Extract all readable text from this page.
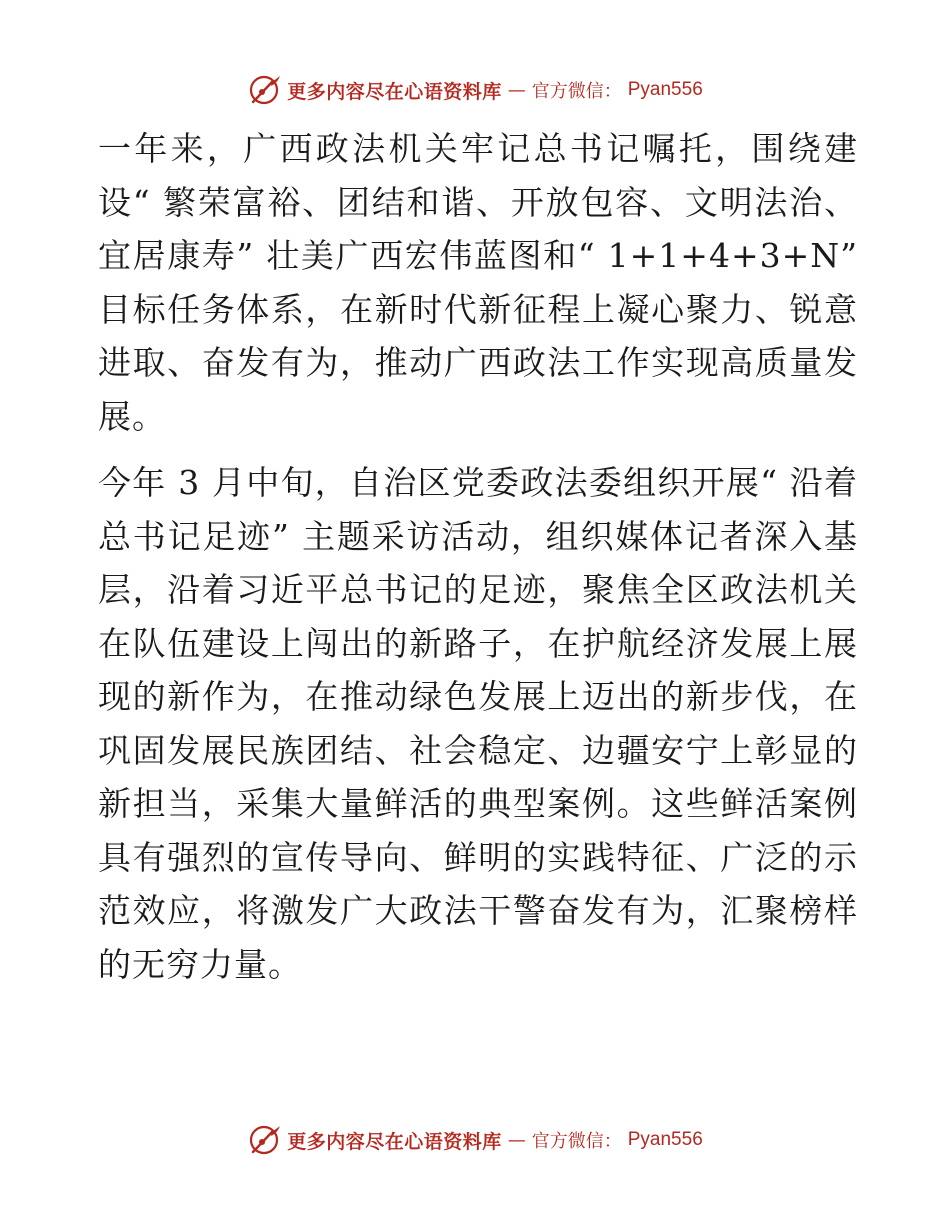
更多内容尽在心语资料库 — 官方微信： Pyan556

一年来，广西政法机关牢记总书记嘱托，围绕建设“ 繁荣富裕、团结和谐、开放包容、文明法治、宜居康寿” 壮美广西宏伟蓝图和“ 1+1+4+3+N” 目标任务体系，在新时代新征程上凝心聚力、锐意进取、奋发有为，推动广西政法工作实现高质量发展。

今年 3 月中旬，自治区党委政法委组织开展“ 沿着总书记足迹” 主题采访活动，组织媒体记者深入基层，沿着习近平总书记的足迹，聚焦全区政法机关在队伍建设上闯出的新路子，在护航经济发展上展现的新作为，在推动绿色发展上迈出的新步伐，在巩固发展民族团结、社会稳定、边疆安宁上彰显的新担当，采集大量鲜活的典型案例。这些鲜活案例具有强烈的宣传导向、鲜明的实践特征、广泛的示范效应，将激发广大政法干警奋发有为，汇聚榜样的无穷力量。

更多内容尽在心语资料库 — 官方微信： Pyan556
